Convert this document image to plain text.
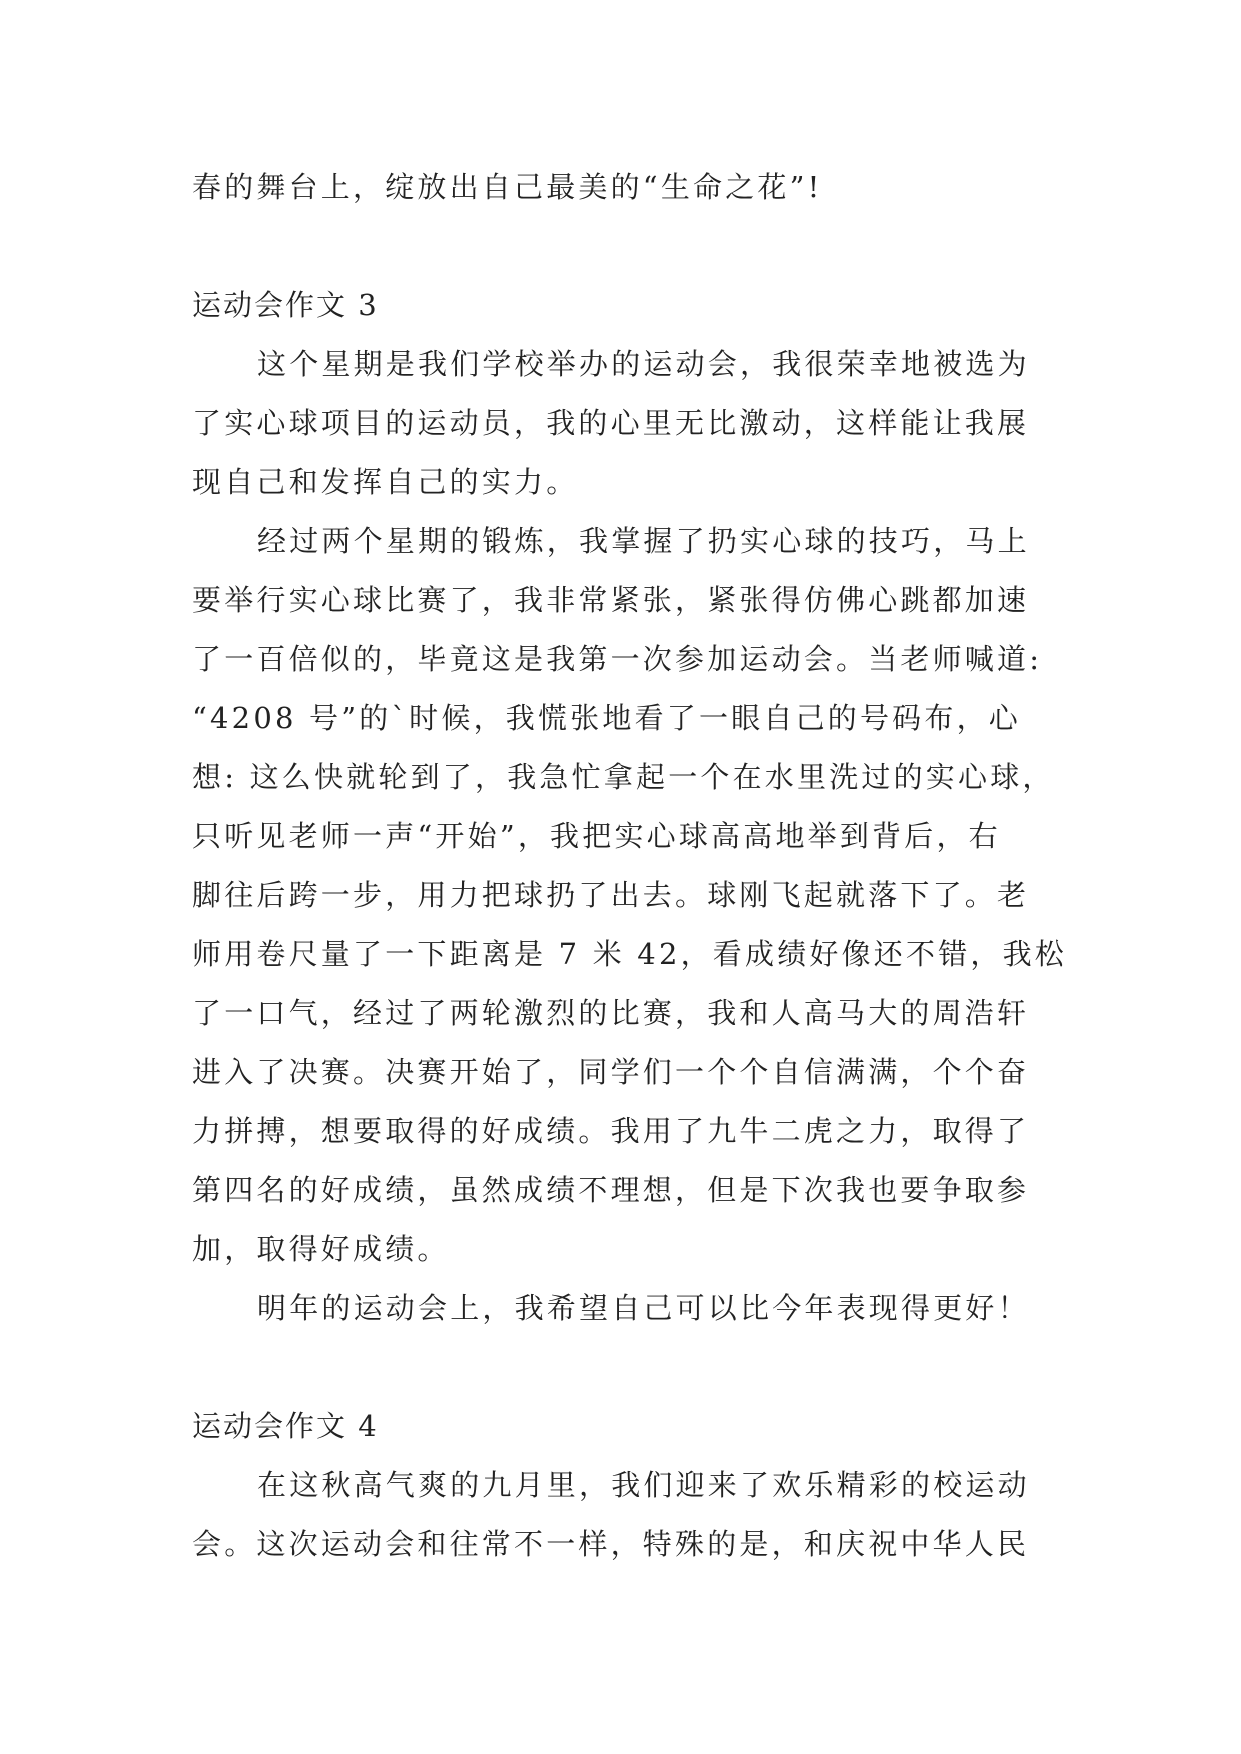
春的舞台上，绽放出自己最美的“生命之花”!
运动会作文 3
这个星期是我们学校举办的运动会，我很荣幸地被选为
了实心球项目的运动员，我的心里无比激动，这样能让我展
现自己和发挥自己的实力。
经过两个星期的锻炼，我掌握了扔实心球的技巧，马上
要举行实心球比赛了，我非常紧张，紧张得仿佛心跳都加速
了一百倍似的，毕竟这是我第一次参加运动会。当老师喊道:
“4208 号”的`时候，我慌张地看了一眼自己的号码布，心
想: 这么快就轮到了，我急忙拿起一个在水里洗过的实心球，
只听见老师一声“开始”，我把实心球高高地举到背后，右
脚往后跨一步，用力把球扔了出去。球刚飞起就落下了。老
师用卷尺量了一下距离是 7 米 42，看成绩好像还不错，我松
了一口气，经过了两轮激烈的比赛，我和人高马大的周浩轩
进入了决赛。决赛开始了，同学们一个个自信满满，个个奋
力拼搏，想要取得的好成绩。我用了九牛二虎之力，取得了
第四名的好成绩，虽然成绩不理想，但是下次我也要争取参
加，取得好成绩。
明年的运动会上，我希望自己可以比今年表现得更好！
运动会作文 4
在这秋高气爽的九月里，我们迎来了欢乐精彩的校运动
会。这次运动会和往常不一样，特殊的是，和庆祝中华人民
